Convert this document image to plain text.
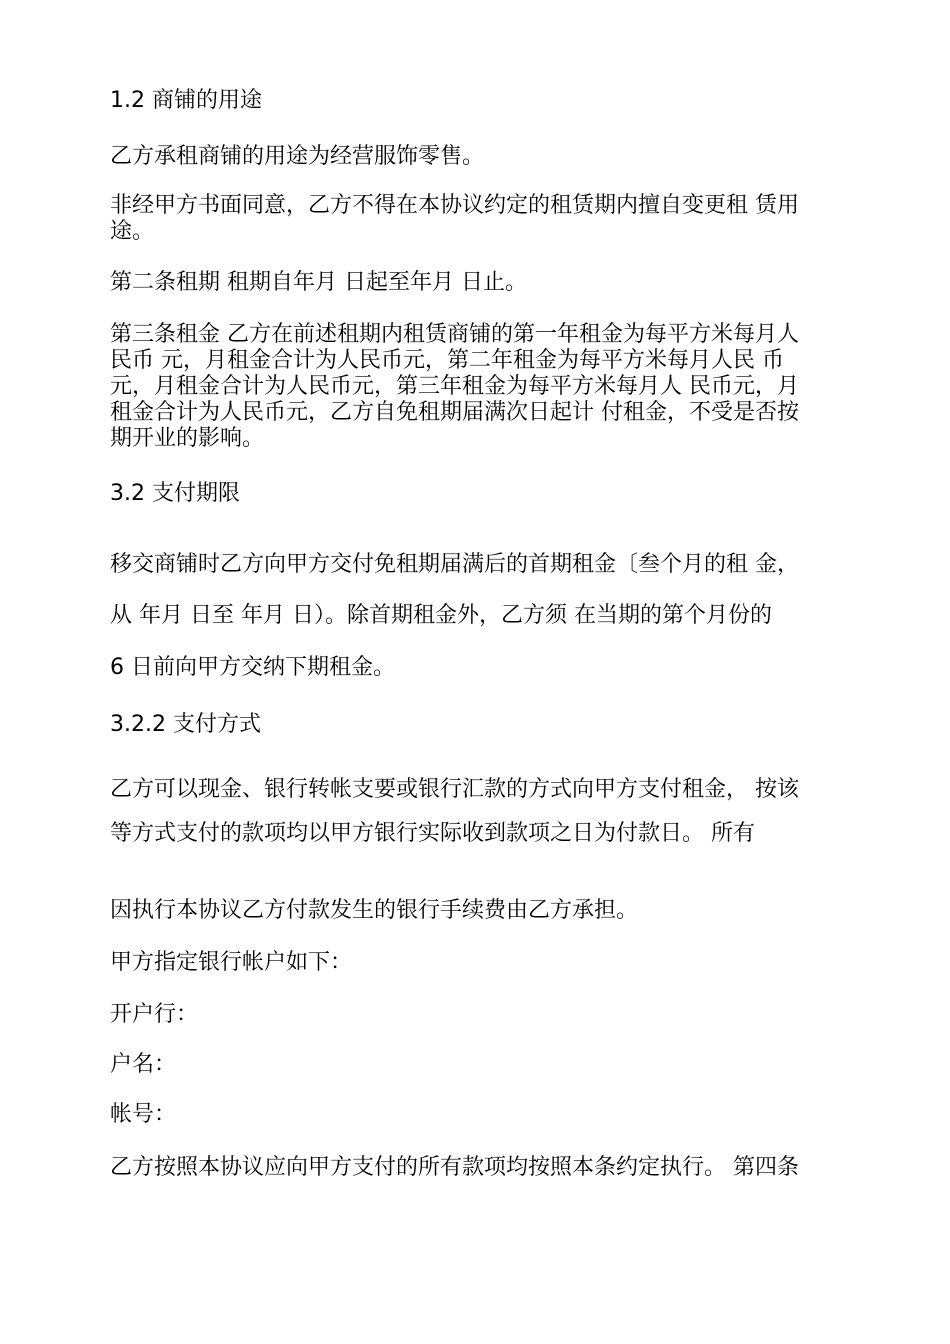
1.2 商铺的用途

乙方承租商铺的用途为经营服饰零售。

非经甲方书面同意，乙方不得在本协议约定的租赁期内擅自变更租 赁用
途。

第二条租期 租期自年月 日起至年月 日止。

第三条租金 乙方在前述租期内租赁商铺的第一年租金为每平方米每月人
民币 元，月租金合计为人民币元，第二年租金为每平方米每月人民 币
元，月租金合计为人民币元，第三年租金为每平方米每月人 民币元，月
租金合计为人民币元，乙方自免租期届满次日起计 付租金，不受是否按
期开业的影响。

3.2 支付期限

移交商铺时乙方向甲方交付免租期届满后的首期租金〔叁个月的租 金，

从 年月 日至 年月 日）。除首期租金外，乙方须 在当期的第个月份的

6 日前向甲方交纳下期租金。

3.2.2 支付方式

乙方可以现金、银行转帐支要或银行汇款的方式向甲方支付租金， 按该

等方式支付的款项均以甲方银行实际收到款项之日为付款日。 所有

因执行本协议乙方付款发生的银行手续费由乙方承担。

甲方指定银行帐户如下：

开户行：

户名：

帐号：

乙方按照本协议应向甲方支付的所有款项均按照本条约定执行。 第四条
